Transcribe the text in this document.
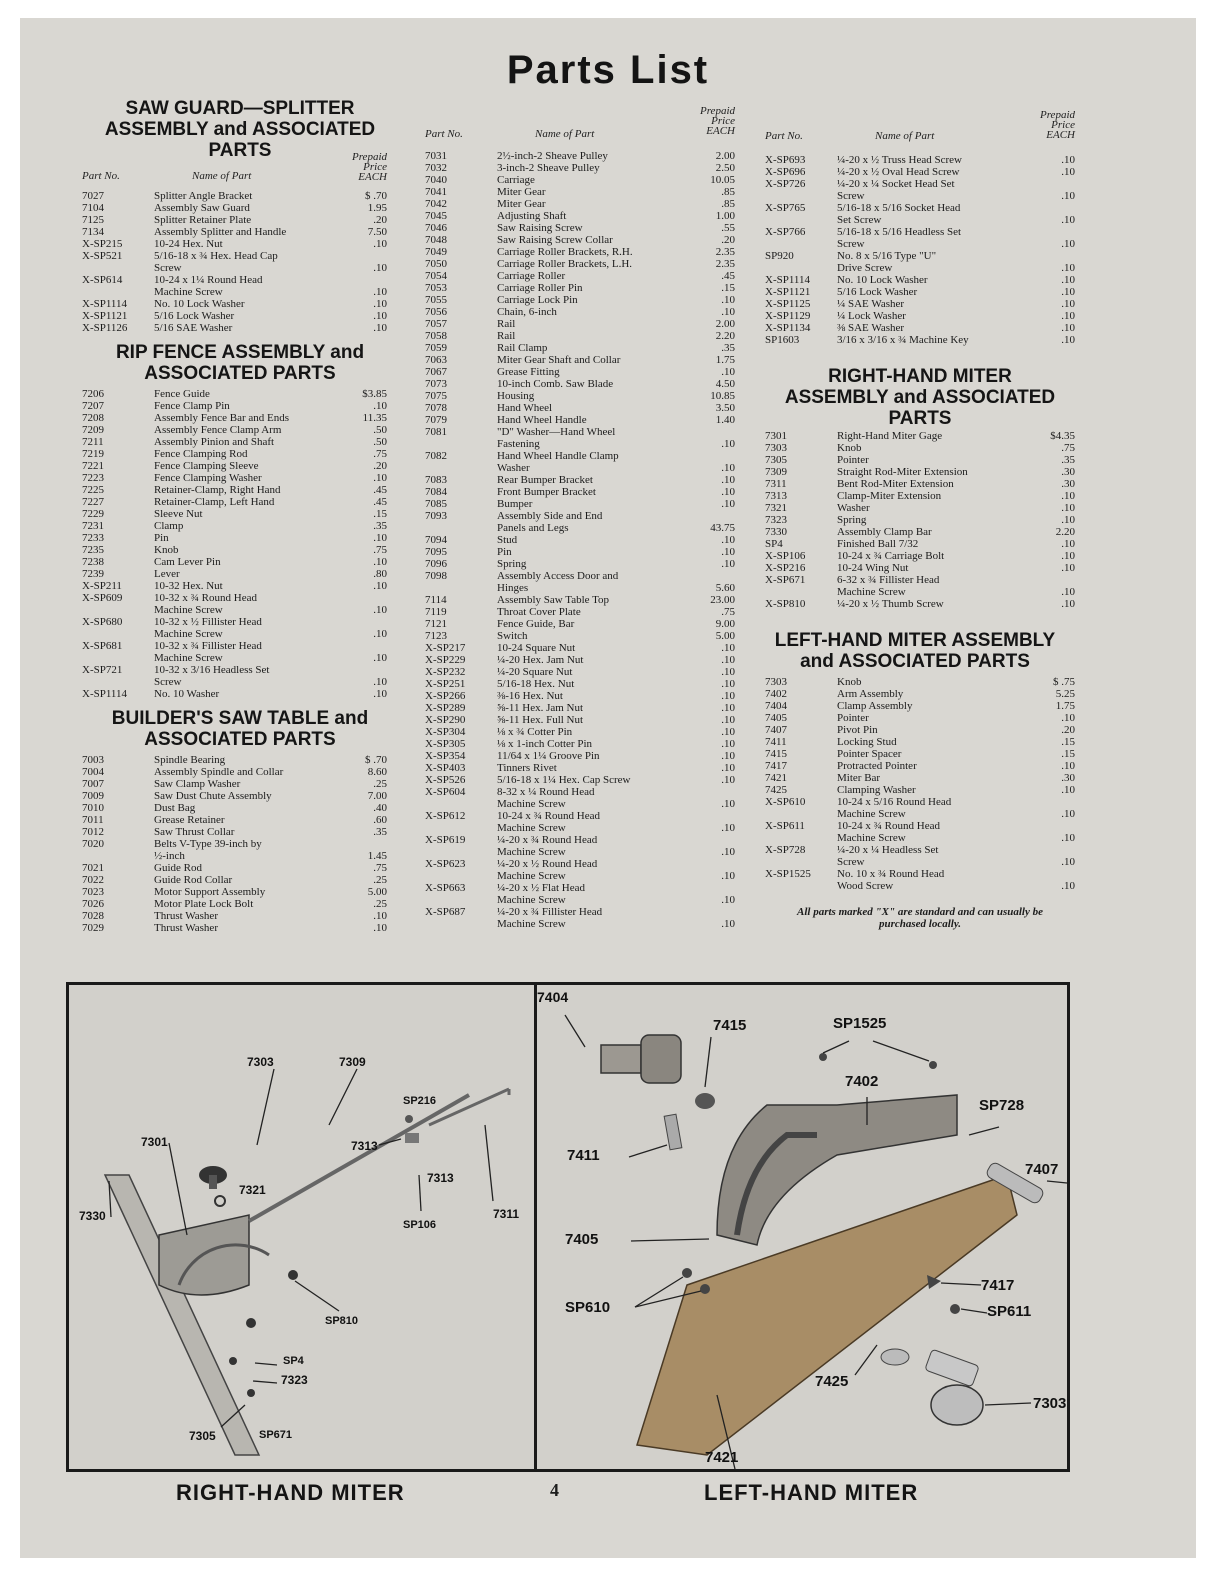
Parts List
SAW GUARD—SPLITTER
ASSEMBLY and ASSOCIATED
PARTS
Part No.	Name of Part
Prepaid
Price
EACH
7027	Splitter Angle Bracket	$ .70
7104	Assembly Saw Guard	1.95
7125	Splitter Retainer Plate	.20
7134	Assembly Splitter and Handle	7.50
X-SP215	10-24 Hex. Nut	.10
X-SP521	5/16-18 x ¾ Hex. Head Cap
Screw	.10
X-SP614	10-24 x 1¼ Round Head
Machine Screw	.10
X-SP1114 No. 10 Lock Washer	.10
X-SP1121 5/16 Lock Washer	.10
X-SP1126 5/16 SAE Washer	.10
RIP FENCE ASSEMBLY and
ASSOCIATED PARTS
7206	Fence Guide	$3.85
7207	Fence Clamp Pin	.10
7208	Assembly Fence Bar and Ends	11.35
7209	Assembly Fence Clamp Arm	.50
7211	Assembly Pinion and Shaft	.50
7219	Fence Clamping Rod	.75
7221	Fence Clamping Sleeve	.20
7223	Fence Clamping Washer	.10
7225	Retainer-Clamp, Right Hand	.45
7227	Retainer-Clamp, Left Hand	.45
7229	Sleeve Nut	.15
7231	Clamp	.35
7233	Pin	.10
7235	Knob	.75
7238	Cam Lever Pin	.10
7239	Lever	.80
X-SP211	10-32 Hex. Nut	.10
X-SP609	10-32 x ¾ Round Head
Machine Screw	.10
X-SP680	10-32 x ½ Fillister Head
Machine Screw	.10
X-SP681	10-32 x ¾ Fillister Head
Machine Screw	.10
X-SP721	10-32 x 3/16 Headless Set
Screw	.10
X-SP1114 No. 10 Washer	.10
BUILDER'S SAW TABLE and
ASSOCIATED PARTS
7003	Spindle Bearing	$ .70
7004	Assembly Spindle and Collar	8.60
7007	Saw Clamp Washer	.25
7009	Saw Dust Chute Assembly	7.00
7010	Dust Bag	.40
7011	Grease Retainer	.60
7012	Saw Thrust Collar	.35
7020	Belts V-Type 39-inch by
½-inch	1.45
7021	Guide Rod	.75
7022	Guide Rod Collar	.25
7023	Motor Support Assembly	5.00
7026	Motor Plate Lock Bolt	.25
7028	Thrust Washer	.10
7029	Thrust Washer	.10
Part No.	Name of Part
Prepaid
Price
EACH
7031	2½-inch-2 Sheave Pulley	2.00
7032	3-inch-2 Sheave Pulley	2.50
7040	Carriage	10.05
7041	Miter Gear	.85
7042	Miter Gear	.85
7045	Adjusting Shaft	1.00
7046	Saw Raising Screw	.55
7048	Saw Raising Screw Collar	.20
7049	Carriage Roller Brackets, R.H.	2.35
7050	Carriage Roller Brackets, L.H.	2.35
7054	Carriage Roller	.45
7053	Carriage Roller Pin	.15
7055	Carriage Lock Pin	.10
7056	Chain, 6-inch	.10
7057	Rail	2.00
7058	Rail	2.20
7059	Rail Clamp	.35
7063	Miter Gear Shaft and Collar	1.75
7067	Grease Fitting	.10
7073	10-inch Comb. Saw Blade	4.50
7075	Housing	10.85
7078	Hand Wheel	3.50
7079	Hand Wheel Handle	1.40
7081	"D" Washer—Hand Wheel
Fastening	.10
7082	Hand Wheel Handle Clamp
Washer	.10
7083	Rear Bumper Bracket	.10
7084	Front Bumper Bracket	.10
7085	Bumper	.10
7093	Assembly Side and End
Panels and Legs	43.75
7094	Stud	.10
7095	Pin	.10
7096	Spring	.10
7098	Assembly Access Door and
Hinges	5.60
7114	Assembly Saw Table Top	23.00
7119	Throat Cover Plate	.75
7121	Fence Guide, Bar	9.00
7123	Switch	5.00
X-SP217	10-24 Square Nut	.10
X-SP229	¼-20 Hex. Jam Nut	.10
X-SP232	¼-20 Square Nut	.10
X-SP251	5/16-18 Hex. Nut	.10
X-SP266	⅜-16 Hex. Nut	.10
X-SP289	⅝-11 Hex. Jam Nut	.10
X-SP290	⅝-11 Hex. Full Nut	.10
X-SP304	⅛ x ¾ Cotter Pin	.10
X-SP305	⅛ x 1-inch Cotter Pin	.10
X-SP354	11/64 x 1¼ Groove Pin	.10
X-SP403	Tinners Rivet	.10
X-SP526	5/16-18 x 1¼ Hex. Cap Screw	.10
X-SP604	8-32 x ¼ Round Head
Machine Screw	.10
X-SP612	10-24 x ¾ Round Head
Machine Screw	.10
X-SP619	¼-20 x ¾ Round Head
Machine Screw	.10
X-SP623	¼-20 x ½ Round Head
Machine Screw	.10
X-SP663	¼-20 x ½ Flat Head
Machine Screw	.10
X-SP687	¼-20 x ¾ Fillister Head
Machine Screw	.10
Part No.	Name of Part
Prepaid
Price
EACH
X-SP693	¼-20 x ½ Truss Head Screw	.10
X-SP696	¼-20 x ½ Oval Head Screw	.10
X-SP726	¼-20 x ¼ Socket Head Set
Screw	.10
X-SP765	5/16-18 x 5/16 Socket Head
Set Screw	.10
X-SP766	5/16-18 x 5/16 Headless Set
Screw	.10
SP920	No. 8 x 5/16 Type "U"
Drive Screw	.10
X-SP1114 No. 10 Lock Washer	.10
X-SP1121 5/16 Lock Washer	.10
X-SP1125 ¼ SAE Washer	.10
X-SP1129 ¼ Lock Washer	.10
X-SP1134 ⅜ SAE Washer	.10
SP1603	3/16 x 3/16 x ¾ Machine Key	.10
RIGHT-HAND MITER
ASSEMBLY and ASSOCIATED
PARTS
7301	Right-Hand Miter Gage	$4.35
7303	Knob	.75
7305	Pointer	.35
7309	Straight Rod-Miter Extension	.30
7311	Bent Rod-Miter Extension	.30
7313	Clamp-Miter Extension	.10
7321	Washer	.10
7323	Spring	.10
7330	Assembly Clamp Bar	2.20
SP4	Finished Ball 7/32	.10
X-SP106	10-24 x ¾ Carriage Bolt	.10
X-SP216	10-24 Wing Nut	.10
X-SP671	6-32 x ¾ Fillister Head
Machine Screw	.10
X-SP810	¼-20 x ½ Thumb Screw	.10
LEFT-HAND MITER ASSEMBLY
and ASSOCIATED PARTS
7303	Knob	$ .75
7402	Arm Assembly	5.25
7404	Clamp Assembly	1.75
7405	Pointer	.10
7407	Pivot Pin	.20
7411	Locking Stud	.15
7415	Pointer Spacer	.15
7417	Protracted Pointer	.10
7421	Miter Bar	.30
7425	Clamping Washer	.10
X-SP610	10-24 x 5/16 Round Head
Machine Screw	.10
X-SP611	10-24 x ¾ Round Head
Machine Screw	.10
X-SP728	¼-20 x ¼ Headless Set
Screw	.10
X-SP1525 No. 10 x ¾ Round Head
Wood Screw	.10
All parts marked "X" are standard and can usually be purchased locally.
7303	7309
SP216
7301	7313
7321
7313
7330
SP106
7311
SP810
SP4
7323
7305	SP671
7404
7415	SP1525
7402
SP728
7411
7407
7405
SP610
7417
SP611
7425
7303
7421
RIGHT-HAND MITER	4	LEFT-HAND MITER
